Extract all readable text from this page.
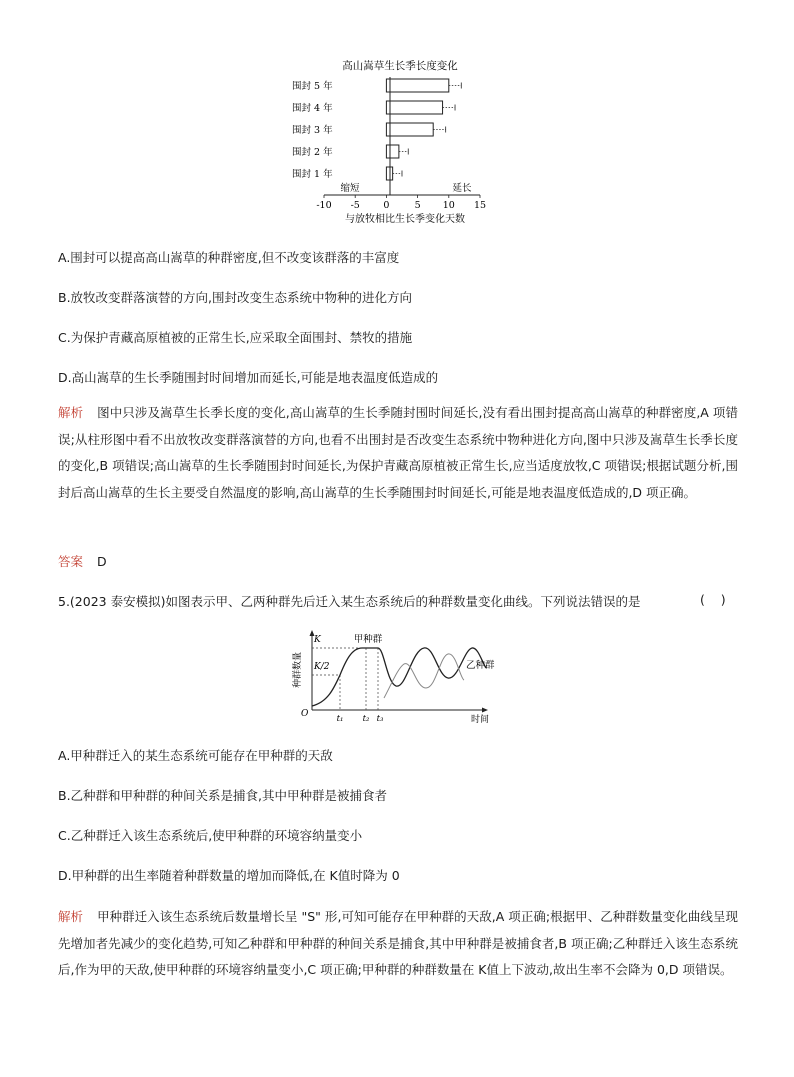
高山嵩草生长季长度变化
围封 5 年
围封 4 年
围封 3 年
围封 2 年
围封 1 年
-10 -5 0	5 10 15
缩短	延长
与放牧相比生长季变化天数
A.围封可以提高高山嵩草的种群密度,但不改变该群落的丰富度
B.放牧改变群落演替的方向,围封改变生态系统中物种的进化方向
C.为保护青藏高原植被的正常生长,应采取全面围封、禁牧的措施
D.高山嵩草的生长季随围封时间增加而延长,可能是地表温度低造成的
解析 图中只涉及嵩草生长季长度的变化,高山嵩草的生长季随封围时间延长,没有看出围封提高高山嵩草的种群密度,A 项错误;从柱形图中看不出放牧改变群落演替的方向,也看不出围封是否改变生态系统中物种进化方向,图中只涉及嵩草生长季长度的变化,B 项错误;高山嵩草的生长季随围封时间延长,为保护青藏高原植被正常生长,应当适度放牧,C 项错误;根据试题分析,围封后高山嵩草的生长主要受自然温度的影响,高山嵩草的生长季随围封时间延长,可能是地表温度低造成的,D 项正确。
答案 D
5.(2023 泰安模拟)如图表示甲、乙两种群先后迁入某生态系统后的种群数量变化曲线。下列说法错误的是	(    )
种群数量
K
K/2
O
甲种群
乙种群
t₁ t₂ t₃	时间
A.甲种群迁入的某生态系统可能存在甲种群的天敌
B.乙种群和甲种群的种间关系是捕食,其中甲种群是被捕食者
C.乙种群迁入该生态系统后,使甲种群的环境容纳量变小
D.甲种群的出生率随着种群数量的增加而降低,在 K值时降为 0
解析 甲种群迁入该生态系统后数量增长呈 "S" 形,可知可能存在甲种群的天敌,A 项正确;根据甲、乙种群数量变化曲线呈现先增加者先减少的变化趋势,可知乙种群和甲种群的种间关系是捕食,其中甲种群是被捕食者,B 项正确;乙种群迁入该生态系统后,作为甲的天敌,使甲种群的环境容纳量变小,C 项正确;甲种群的种群数量在 K值上下波动,故出生率不会降为 0,D 项错误。
